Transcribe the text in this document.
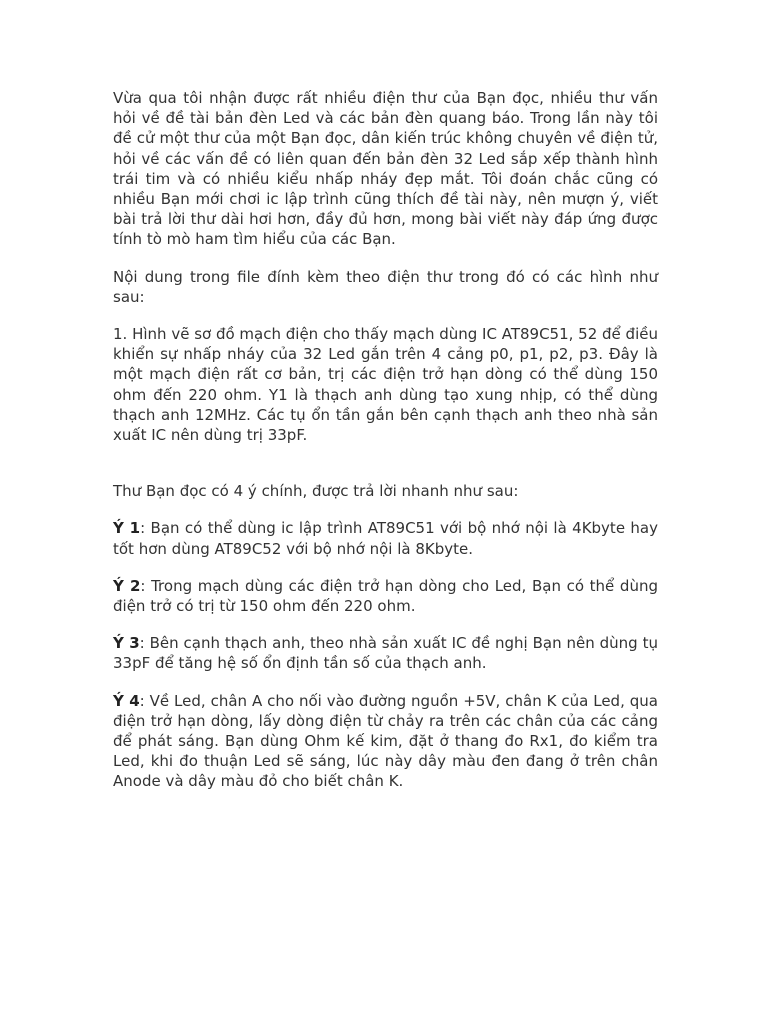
Vừa qua tôi nhận được rất nhiều điện thư của Bạn đọc, nhiều thư vấn hỏi về đề tài bản đèn Led và các bản đèn quang báo. Trong lần này tôi đề cử một thư của một Bạn đọc, dân kiến trúc không chuyên về điện tử, hỏi về các vấn đề có liên quan đến bản đèn 32 Led sắp xếp thành hình trái tim và có nhiều kiểu nhấp nháy đẹp mắt. Tôi đoán chắc cũng có nhiều Bạn mới chơi ic lập trình cũng thích đề tài này, nên mượn ý, viết bài trả lời thư dài hơi hơn, đầy đủ hơn, mong bài viết này đáp ứng được tính tò mò ham tìm hiểu của các Bạn.

Nội dung trong file đính kèm theo điện thư trong đó có các hình như sau:

1. Hình vẽ sơ đồ mạch điện cho thấy mạch dùng IC AT89C51, 52 để điều khiển sự nhấp nháy của 32 Led gắn trên 4 cảng p0, p1, p2, p3. Đây là một mạch điện rất cơ bản, trị các điện trở hạn dòng có thể dùng 150 ohm đến 220 ohm. Y1 là thạch anh dùng tạo xung nhịp, có thể dùng thạch anh 12MHz. Các tụ ổn tần gắn bên cạnh thạch anh theo nhà sản xuất IC nên dùng trị 33pF.

Thư Bạn đọc có 4 ý chính, được trả lời nhanh như sau:

Ý 1: Bạn có thể dùng ic lập trình AT89C51 với bộ nhớ nội là 4Kbyte hay tốt hơn dùng AT89C52 với bộ nhớ nội là 8Kbyte.

Ý 2: Trong mạch dùng các điện trở hạn dòng cho Led, Bạn có thể dùng điện trở có trị từ 150 ohm đến 220 ohm.

Ý 3: Bên cạnh thạch anh, theo nhà sản xuất IC đề nghị Bạn nên dùng tụ 33pF để tăng hệ số ổn định tần số của thạch anh.

Ý 4: Về Led, chân A cho nối vào đường nguồn +5V, chân K của Led, qua điện trở hạn dòng, lấy dòng điện từ chảy ra trên các chân của các cảng để phát sáng. Bạn dùng Ohm kế kim, đặt ở thang đo Rx1, đo kiểm tra Led, khi đo thuận Led sẽ sáng, lúc này dây màu đen đang ở trên chân Anode và dây màu đỏ cho biết chân K.
